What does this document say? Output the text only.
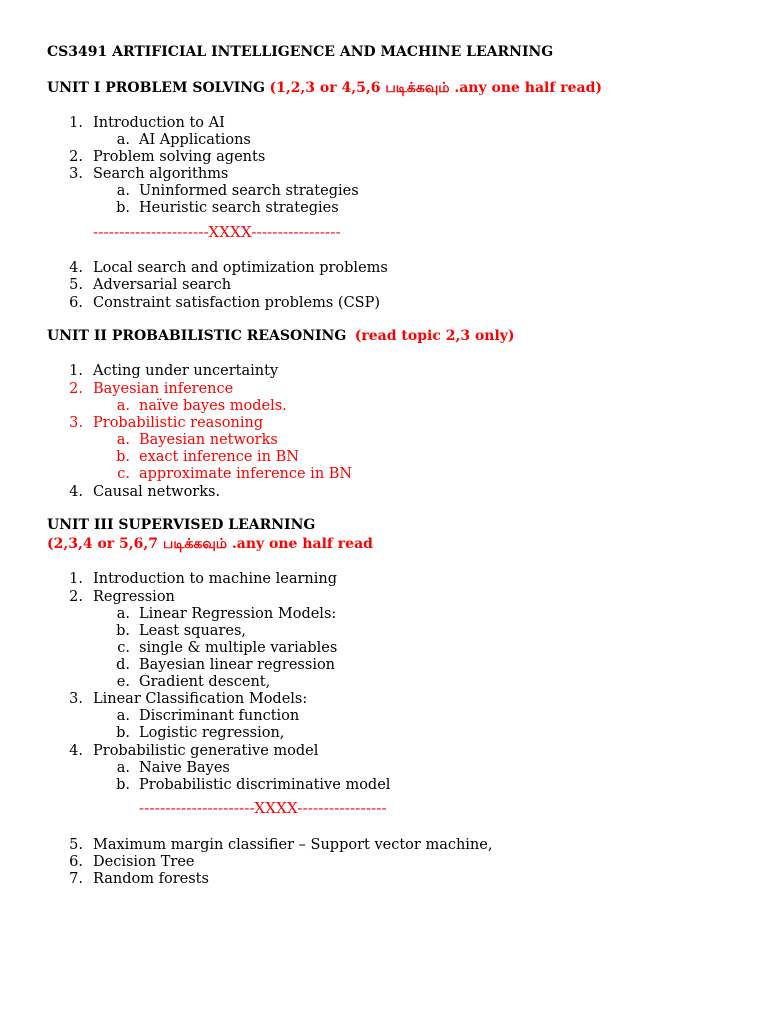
CS3491 ARTIFICIAL INTELLIGENCE AND MACHINE LEARNING
UNIT I PROBLEM SOLVING (1,2,3 or 4,5,6 படிக்கவும் .any one half read)
1. Introduction to AI
a. AI Applications
2. Problem solving agents
3. Search algorithms
a. Uninformed search strategies
b. Heuristic search strategies
----------------------XXXX-----------------
4. Local search and optimization problems
5. Adversarial search
6. Constraint satisfaction problems (CSP)
UNIT II PROBABILISTIC REASONING (read topic 2,3 only)
1. Acting under uncertainty
2. Bayesian inference
a. naïve bayes models.
3. Probabilistic reasoning
a. Bayesian networks
b. exact inference in BN
c. approximate inference in BN
4. Causal networks.
UNIT III SUPERVISED LEARNING
(2,3,4 or 5,6,7 படிக்கவும் .any one half read
1. Introduction to machine learning
2. Regression
a. Linear Regression Models:
b. Least squares,
c. single & multiple variables
d. Bayesian linear regression
e. Gradient descent,
3. Linear Classification Models:
a. Discriminant function
b. Logistic regression,
4. Probabilistic generative model
a. Naive Bayes
b. Probabilistic discriminative model
----------------------XXXX-----------------
5. Maximum margin classifier – Support vector machine,
6. Decision Tree
7. Random forests
